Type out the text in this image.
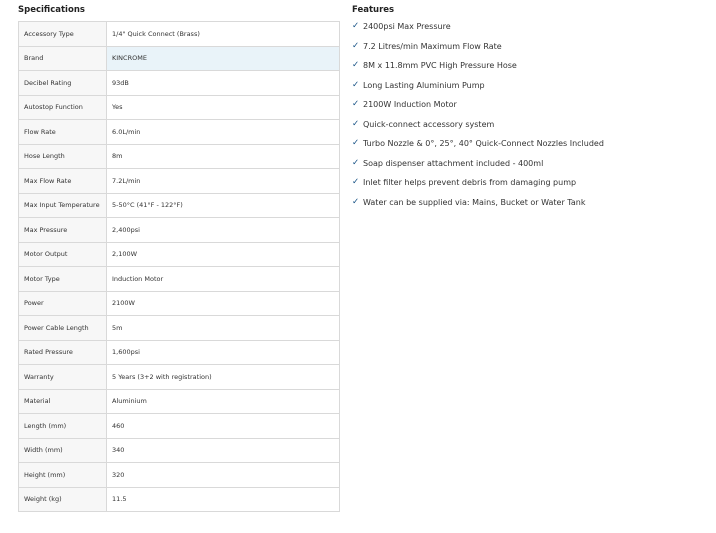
Specifications
Accessory Type	1/4" Quick Connect (Brass)
Brand	KINCROME
Decibel Rating	93dB
Autostop Function	Yes
Flow Rate	6.0L/min
Hose Length	8m
Max Flow Rate	7.2L/min
Max Input Temperature	5-50°C (41°F - 122°F)
Max Pressure	2,400psi
Motor Output	2,100W
Motor Type	Induction Motor
Power	2100W
Power Cable Length	5m
Rated Pressure	1,600psi
Warranty	5 Years (3+2 with registration)
Material	Aluminium
Length (mm)	460
Width (mm)	340
Height (mm)	320
Weight (kg)	11.5
Features
✓ 2400psi Max Pressure
✓ 7.2 Litres/min Maximum Flow Rate
✓ 8M x 11.8mm PVC High Pressure Hose
✓ Long Lasting Aluminium Pump
✓ 2100W Induction Motor
✓ Quick-connect accessory system
✓ Turbo Nozzle & 0°, 25°, 40° Quick-Connect Nozzles Included
✓ Soap dispenser attachment included - 400ml
✓ Inlet filter helps prevent debris from damaging pump
✓ Water can be supplied via: Mains, Bucket or Water Tank
